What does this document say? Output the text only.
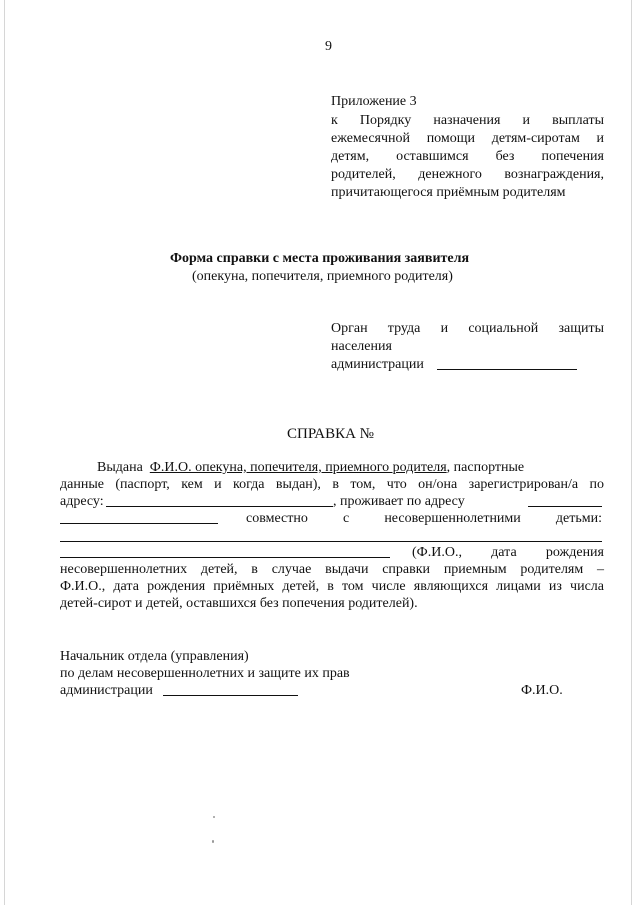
9
Приложение 3
к Порядку назначения и выплаты
ежемесячной помощи детям-сиротам и
детям, оставшимся без попечения
родителей, денежного вознаграждения,
причитающегося приёмным родителям
Форма справки с места проживания заявителя
(опекуна, попечителя, приемного родителя)
Орган труда и социальной защиты
населения
администрации
СПРАВКА №
Выдана Ф.И.О. опекуна, попечителя, приемного родителя, паспортные
данные (паспорт, кем и когда выдан), в том, что он/она зарегистрирован/а по
адресу:	, проживает по адресу
совместно с несовершеннолетними детьми:
(Ф.И.О., дата рождения
несовершеннолетних детей, в случае выдачи справки приемным родителям –
Ф.И.О., дата рождения приёмных детей, в том числе являющихся лицами из числа
детей-сирот и детей, оставшихся без попечения родителей).
Начальник отдела (управления)
по делам несовершеннолетних и защите их прав
администрации	Ф.И.О.
